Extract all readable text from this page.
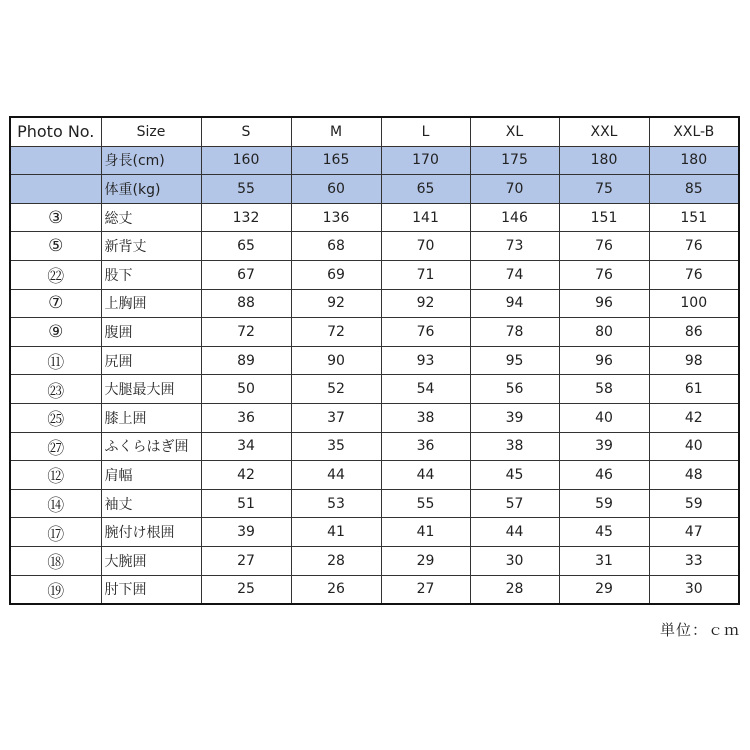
Photo No.	Size	S	M	L	XL	XXL	XXL-B
	身長(cm)	160	165	170	175	180	180
	体重(kg)	55	60	65	70	75	85
③	総丈	132	136	141	146	151	151
⑤	新背丈	65	68	70	73	76	76
㉒	股下	67	69	71	74	76	76
⑦	上胸囲	88	92	92	94	96	100
⑨	腹囲	72	72	76	78	80	86
⑪	尻囲	89	90	93	95	96	98
㉓	大腿最大囲	50	52	54	56	58	61
㉕	膝上囲	36	37	38	39	40	42
㉗	ふくらはぎ囲	34	35	36	38	39	40
⑫	肩幅	42	44	44	45	46	48
⑭	袖丈	51	53	55	57	59	59
⑰	腕付け根囲	39	41	41	44	45	47
⑱	大腕囲	27	28	29	30	31	33
⑲	肘下囲	25	26	27	28	29	30
単位：ｃｍ
